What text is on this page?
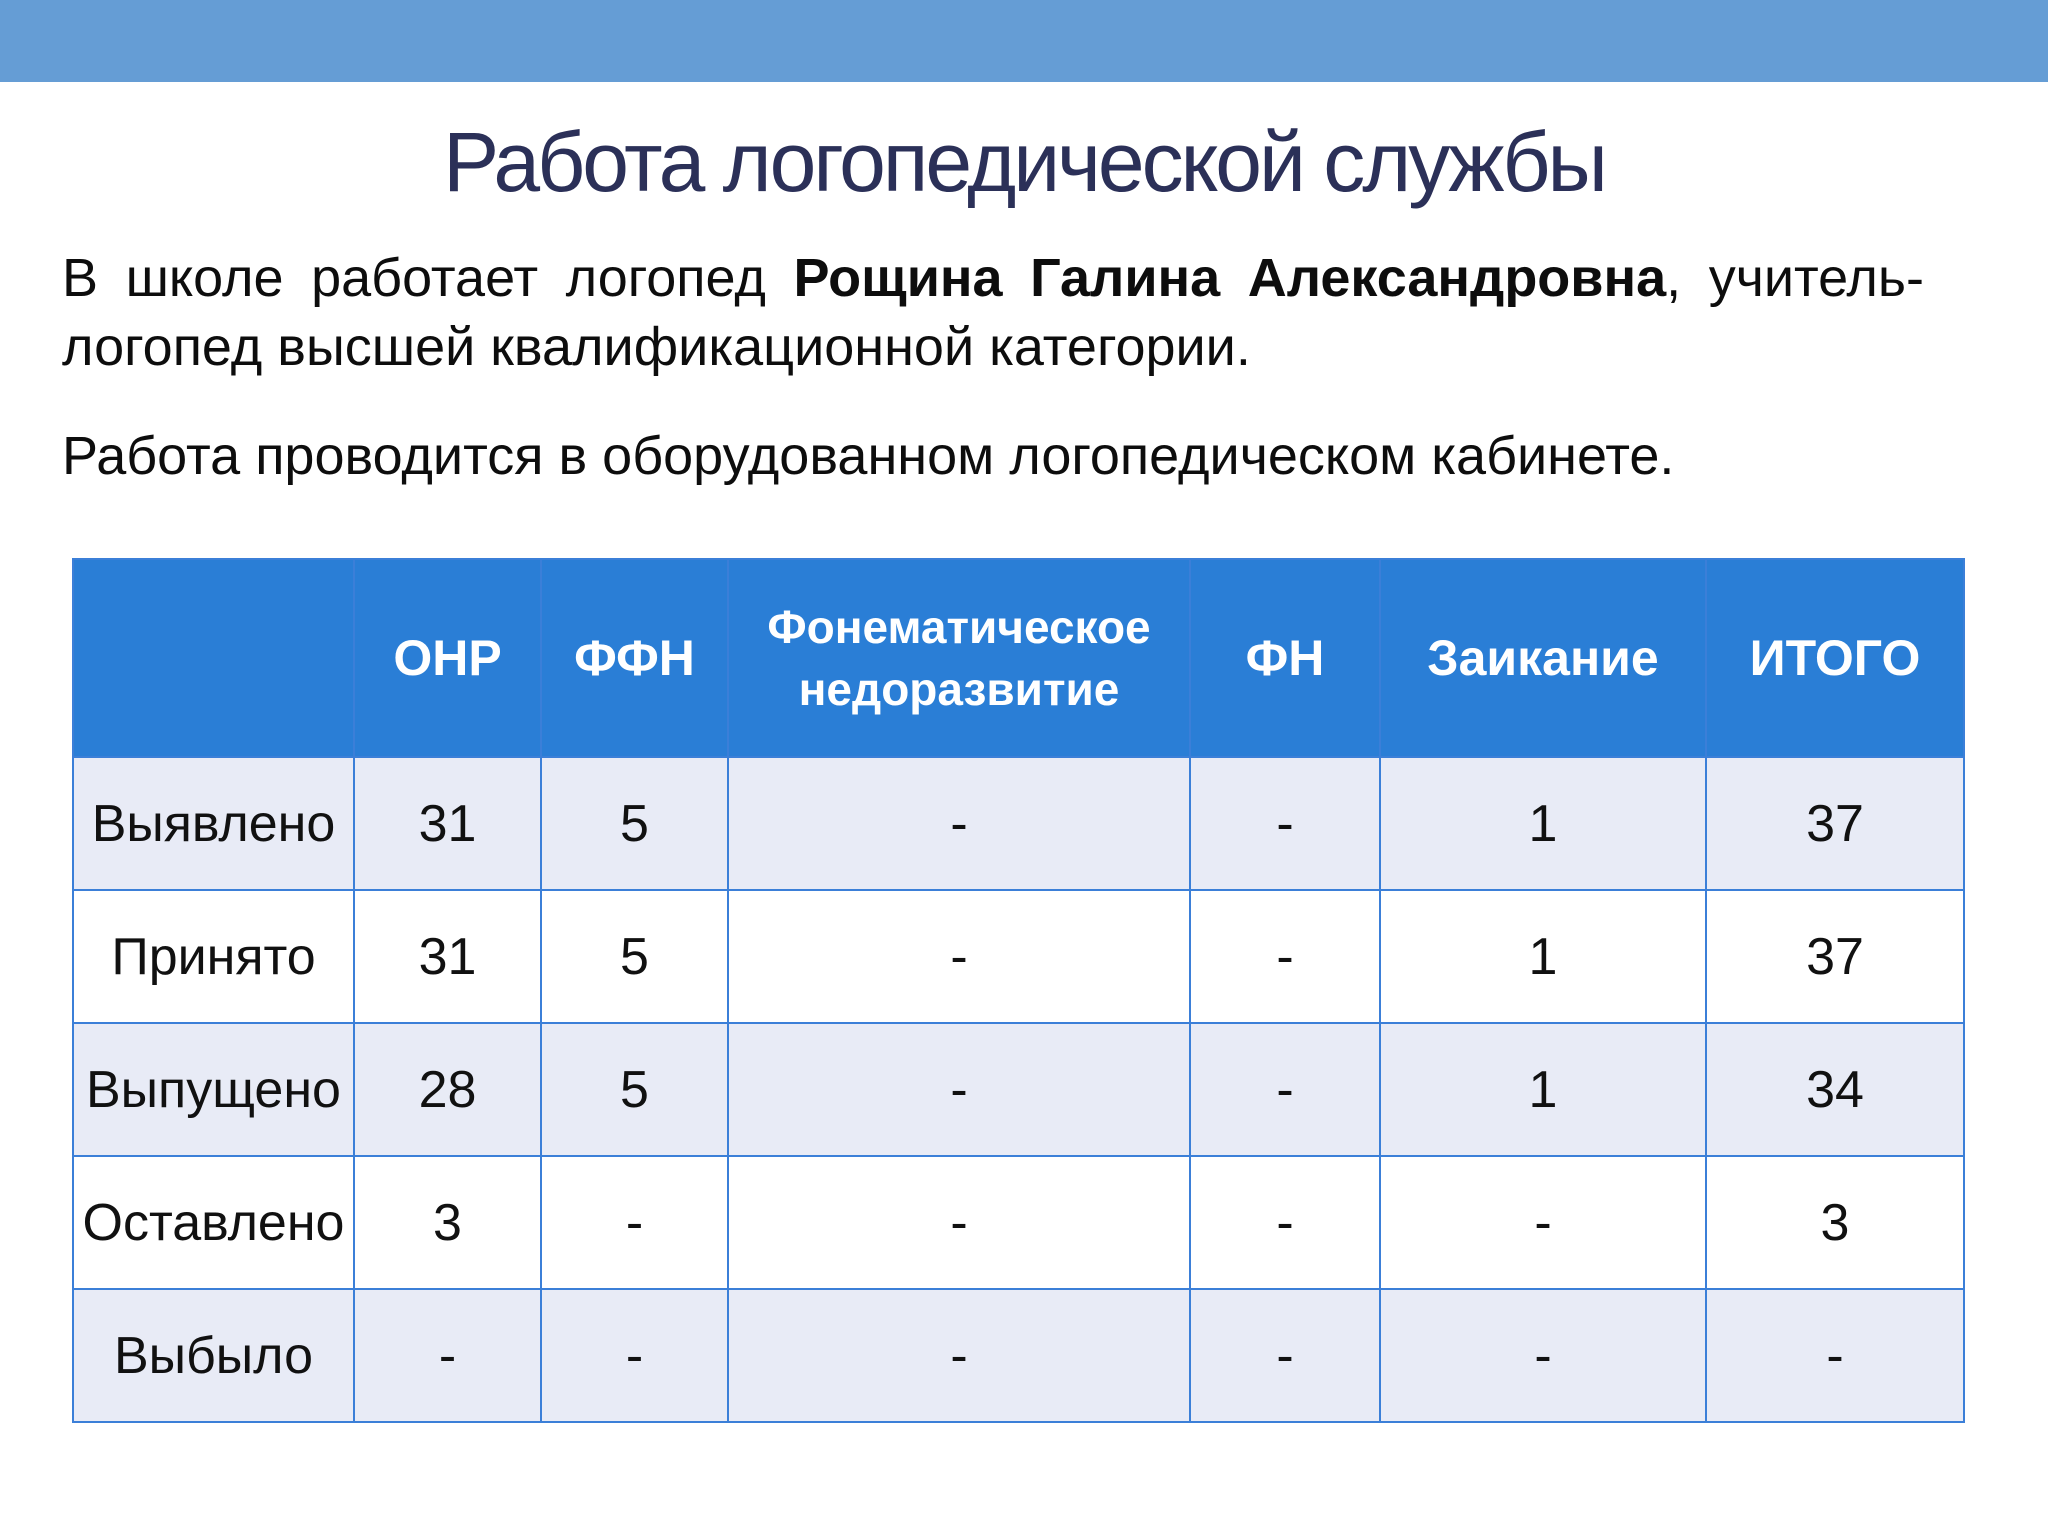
Работа логопедической службы

В школе работает логопед Рощина Галина Александровна, учитель-логопед высшей квалификационной категории.

Работа проводится в оборудованном логопедическом кабинете.

	ОНР	ФФН	Фонематическое недоразвитие	ФН	Заикание	ИТОГО
Выявлено	31	5	-	-	1	37
Принято	31	5	-	-	1	37
Выпущено	28	5	-	-	1	34
Оставлено	3	-	-	-	-	3
Выбыло	-	-	-	-	-	-
